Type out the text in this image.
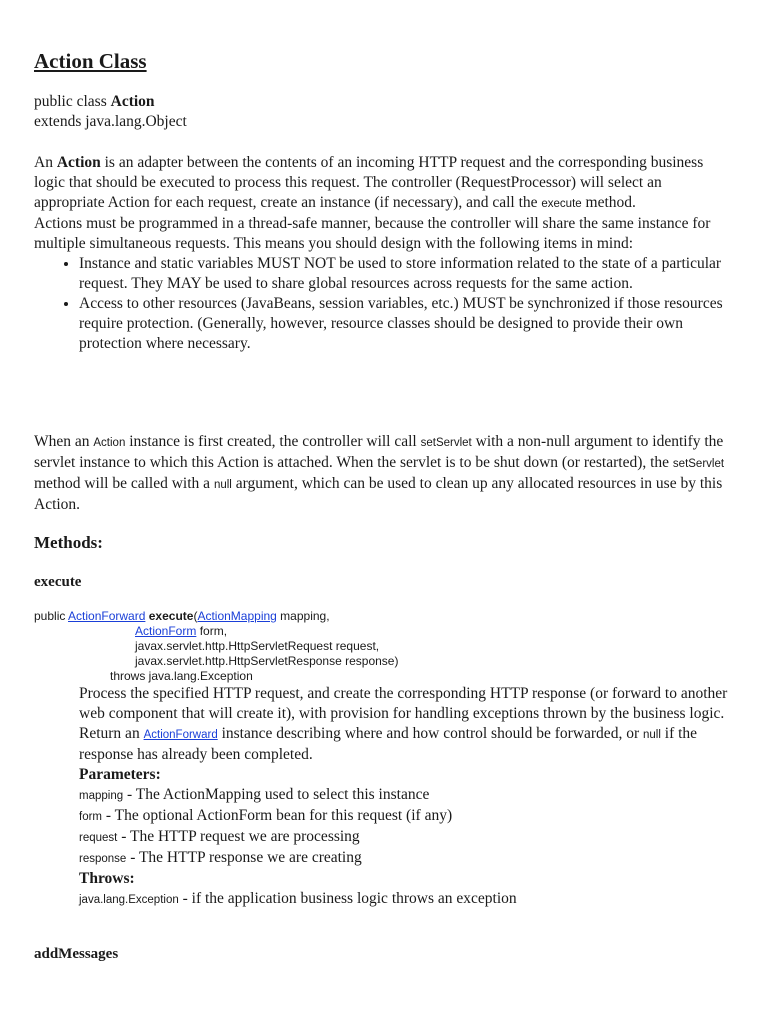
Action Class
public class Action
extends java.lang.Object
An Action is an adapter between the contents of an incoming HTTP request and the corresponding business logic that should be executed to process this request. The controller (RequestProcessor) will select an appropriate Action for each request, create an instance (if necessary), and call the execute method.
Actions must be programmed in a thread-safe manner, because the controller will share the same instance for multiple simultaneous requests. This means you should design with the following items in mind:
• Instance and static variables MUST NOT be used to store information related to the state of a particular request. They MAY be used to share global resources across requests for the same action.
• Access to other resources (JavaBeans, session variables, etc.) MUST be synchronized if those resources require protection. (Generally, however, resource classes should be designed to provide their own protection where necessary.
When an Action instance is first created, the controller will call setServlet with a non-null argument to identify the servlet instance to which this Action is attached. When the servlet is to be shut down (or restarted), the setServlet method will be called with a null argument, which can be used to clean up any allocated resources in use by this Action.
Methods:
execute
public ActionForward execute(ActionMapping mapping,
ActionForm form,
javax.servlet.http.HttpServletRequest request,
javax.servlet.http.HttpServletResponse response)
throws java.lang.Exception
Process the specified HTTP request, and create the corresponding HTTP response (or forward to another web component that will create it), with provision for handling exceptions thrown by the business logic. Return an ActionForward instance describing where and how control should be forwarded, or null if the response has already been completed.
Parameters:
mapping - The ActionMapping used to select this instance
form - The optional ActionForm bean for this request (if any)
request - The HTTP request we are processing
response - The HTTP response we are creating
Throws:
java.lang.Exception - if the application business logic throws an exception
addMessages
